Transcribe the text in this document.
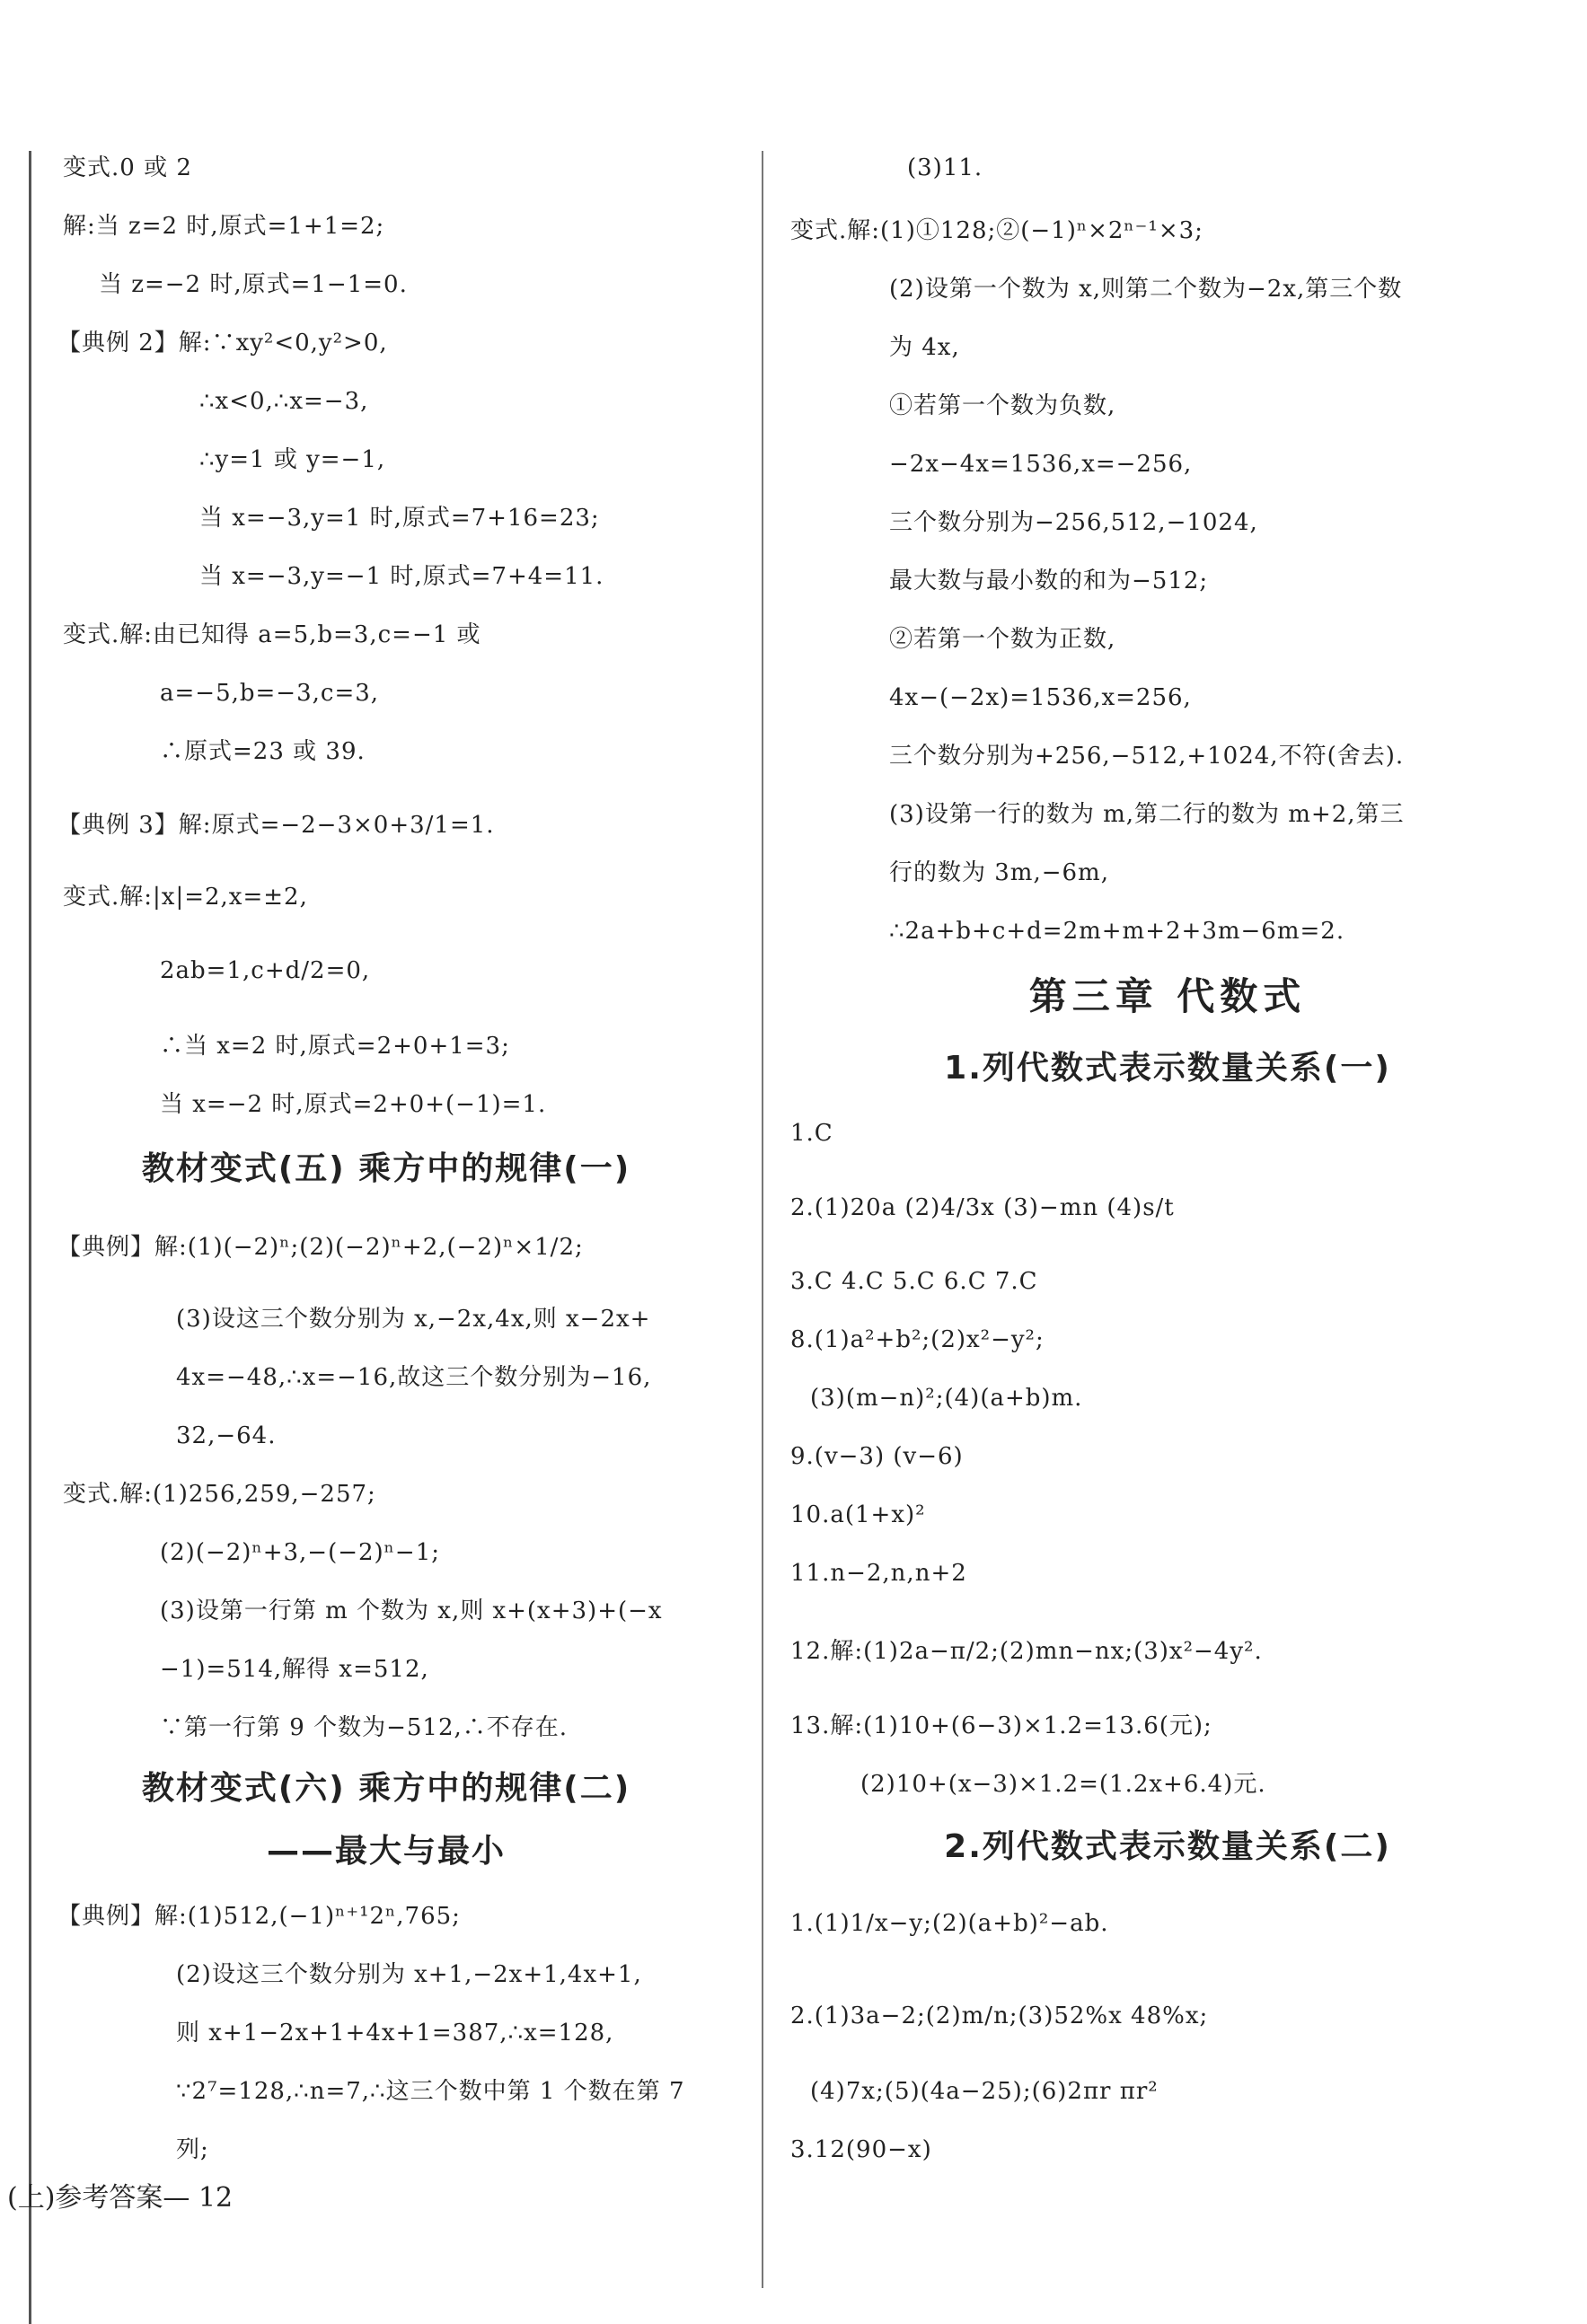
变式.0 或 2
解:当 z=2 时,原式=1+1=2;
当 z=−2 时,原式=1−1=0.
【典例 2】解:∵xy²<0,y²>0,
∴x<0,∴x=−3,
∴y=1 或 y=−1,
当 x=−3,y=1 时,原式=7+16=23;
当 x=−3,y=−1 时,原式=7+4=11.
变式.解:由已知得 a=5,b=3,c=−1 或
a=−5,b=−3,c=3,
∴原式=23 或 39.
【典例 3】解:原式=−2−3×0+3/1=1.
变式.解:|x|=2,x=±2,
2ab=1,c+d/2=0,
∴当 x=2 时,原式=2+0+1=3;
当 x=−2 时,原式=2+0+(−1)=1.
【典例】解:(1)(−2)ⁿ;(2)(−2)ⁿ+2,(−2)ⁿ×1/2;
(3)设这三个数分别为 x,−2x,4x,则 x−2x+
4x=−48,∴x=−16,故这三个数分别为−16,
32,−64.
变式.解:(1)256,259,−257;
(2)(−2)ⁿ+3,−(−2)ⁿ−1;
(3)设第一行第 m 个数为 x,则 x+(x+3)+(−x
−1)=514,解得 x=512,
∵第一行第 9 个数为−512,∴不存在.
【典例】解:(1)512,(−1)ⁿ⁺¹2ⁿ,765;
(2)设这三个数分别为 x+1,−2x+1,4x+1,
则 x+1−2x+1+4x+1=387,∴x=128,
∵2⁷=128,∴n=7,∴这三个数中第 1 个数在第 7
列;
教材变式(五) 乘方中的规律(一)
教材变式(六) 乘方中的规律(二)
——最大与最小
(3)11.
变式.解:(1)①128;②(−1)ⁿ×2ⁿ⁻¹×3;
(2)设第一个数为 x,则第二个数为−2x,第三个数
为 4x,
①若第一个数为负数,
−2x−4x=1536,x=−256,
三个数分别为−256,512,−1024,
最大数与最小数的和为−512;
②若第一个数为正数,
4x−(−2x)=1536,x=256,
三个数分别为+256,−512,+1024,不符(舍去).
(3)设第一行的数为 m,第二行的数为 m+2,第三
行的数为 3m,−6m,
∴2a+b+c+d=2m+m+2+3m−6m=2.
1.C
2.(1)20a (2)4/3x (3)−mn (4)s/t
3.C 4.C 5.C 6.C 7.C
8.(1)a²+b²;(2)x²−y²;
(3)(m−n)²;(4)(a+b)m.
9.(v−3) (v−6)
10.a(1+x)²
11.n−2,n,n+2
12.解:(1)2a−π/2;(2)mn−nx;(3)x²−4y².
13.解:(1)10+(6−3)×1.2=13.6(元);
(2)10+(x−3)×1.2=(1.2x+6.4)元.
1.(1)1/x−y;(2)(a+b)²−ab.
2.(1)3a−2;(2)m/n;(3)52%x 48%x;
(4)7x;(5)(4a−25);(6)2πr πr²
3.12(90−x)
第三章 代数式
1.列代数式表示数量关系(一)
2.列代数式表示数量关系(二)
(上)参考答案— 12
